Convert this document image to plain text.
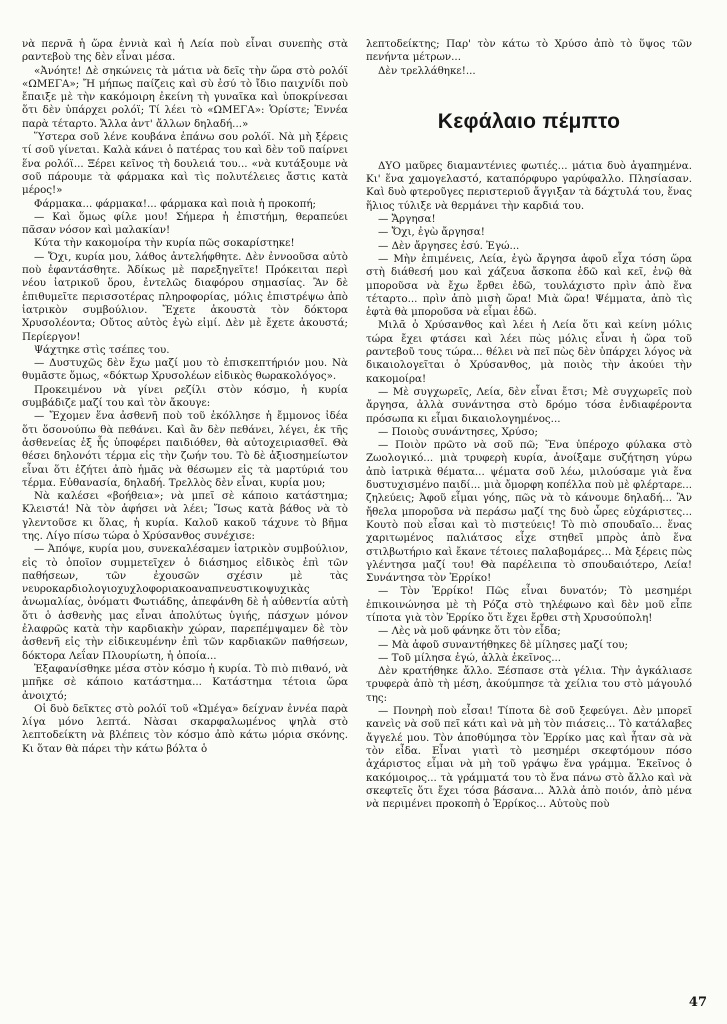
νὰ περνᾶ ἡ ὥρα ἐννιὰ καὶ ἡ Λεία ποὺ εἶναι συνεπὴς στὰ ραντεβοὺ της δὲν εἶναι μέσα.

«Ἀνόητε! Δὲ σηκώνεις τὰ μάτια νὰ δεῖς τὴν ὥρα στὸ ρολόϊ «ΩΜΕΓΑ»; Ἤ μήπως παίζεις καὶ σὺ ἐσύ τὸ ἴδιο παιχνίδι ποὺ ἔπαιξε μὲ τὴν κακόμοιρη ἐκείνη τὴ γυναῖκα καὶ ὑποκρίνεσαι ὅτι δὲν ὑπάρχει ρολόϊ; Τί λέει τὸ «ΩΜΕΓΑ»: Ὁρίστε; Ἐννέα παρὰ τέταρτο. Ἄλλα ἀντ' ἄλλων δηλαδή...»

Ὕστερα σοῦ λένε κουβάνα ἐπάνω σου ρολόϊ. Νὰ μὴ ξέρεις τί σοῦ γίνεται. Καλὰ κάνει ὁ πατέρας του καὶ δὲν τοῦ παίρνει ἕνα ρολόϊ... Ξέρει κεῖνος τὴ δουλειά του... «νὰ κυτάξουμε νὰ σοῦ πάρουμε τὰ φάρμακα καὶ τὶς πολυτέλειες ἄστις κατὰ μέρος!»

Φάρμακα... φάρμακα!... φάρμακα καὶ ποιὰ ἡ προκοπή;

— Καὶ ὅμως φίλε μου! Σήμερα ἡ ἐπιστήμη, θεραπεύει πᾶσαν νόσον καὶ μαλακίαν!

Κύτα τὴν κακομοίρα τὴν κυρία πῶς σοκαρίστηκε!

— Ὄχι, κυρία μου, λάθος ἀντελήφθητε. Δὲν ἐννοοῦσα αὐτὸ ποὺ ἐφαντάσθητε. Ἀδίκως μὲ παρεξηγεῖτε! Πρόκειται περὶ νέου ἰατρικοῦ ὅρου, ἐντελῶς διαφόρου σημασίας. Ἂν δὲ ἐπιθυμεῖτε περισσοτέρας πληροφορίας, μόλις ἐπιστρέψω ἀπὸ ἰατρικὸν συμβούλιον. Ἔχετε ἀκουστὰ τὸν δόκτορα Χρυσολέοντα; Οὔτος αὐτὸς ἐγὼ εἰμί. Δὲν μὲ ἔχετε ἀκουστά; Περίεργον!

Ψάχτηκε στὶς τσέπες του.

— Δυστυχῶς δὲν ἔχω μαζί μου τὸ ἐπισκεπτήριόν μου. Νὰ θυμᾶστε ὅμως, «δόκτωρ Χρυσολέων εἰδικὸς θωρακολόγος».

Προκειμένου νὰ γίνει ρεζίλι στὸν κόσμο, ἡ κυρία συμβάδιζε μαζί του καὶ τὸν ἄκουγε:

— Ἔχομεν ἕνα ἀσθενῆ ποὺ τοῦ ἐκόλλησε ἡ ἔμμονος ἰδέα ὅτι ὅσονούπω θὰ πεθάνει. Καὶ ἂν δὲν πεθάνει, λέγει, ἐκ τῆς ἀσθενείας ἐξ ἧς ὑποφέρει παιδιόθεν, θὰ αὐτοχειριασθεῖ. Θὰ θέσει δηλονότι τέρμα εἰς τὴν ζωήν του. Τὸ δὲ ἀξιοσημείωτον εἶναι ὅτι ἐζήτει ἀπὸ ἡμᾶς νὰ θέσωμεν εἰς τὰ μαρτύριά του τέρμα. Εὐθανασία, δηλαδή. Τρελλὸς δὲν εἶναι, κυρία μου;

Νὰ καλέσει «βοήθεια»; νὰ μπεῖ σὲ κάποιο κατάστημα; Κλειστά! Νὰ τὸν ἀφήσει νὰ λέει; Ἴσως κατὰ βάθος νὰ τὸ γλεντοῦσε κι ὅλας, ἡ κυρία. Καλοῦ κακοῦ τάχυνε τὸ βῆμα της. Λίγο πίσω τώρα ὁ Χρύσανθος συνέχισε:

— Ἀπόψε, κυρία μου, συνεκαλέσαμεν ἰατρικὸν συμβούλιον, εἰς τὸ ὁποῖον συμμετεῖχεν ὁ διάσημος εἰδικὸς ἐπὶ τῶν παθήσεων, τῶν ἐχουσῶν σχέσιν μὲ τὰς νευροκαρδιολογιοχυχλοφοριακοαναπνευστικοψυχικὰς ἀνωμαλίας, ὀνόματι Φωτιάδης, ἀπεφάνθη δὲ ἡ αὐθεντία αὐτὴ ὅτι ὁ ἀσθενὴς μας εἶναι ἀπολύτως ὑγιής, πάσχων μόνον ἐλαφρῶς κατὰ τὴν καρδιακὴν χώραν, παρεπέμψαμεν δὲ τὸν ἀσθενῆ εἰς τὴν εἰδικευμένην ἐπὶ τῶν καρδιακῶν παθήσεων, δόκτορα Λεΐαν Πλουρίωτη, ἡ ὁποία...

Ἐξαφανίσθηκε μέσα στὸν κόσμο ἡ κυρία. Τὸ πιὸ πιθανό, νὰ μπῆκε σὲ κάποιο κατάστημα... Κατάστημα τέτοια ὥρα ἀνοιχτό;

Οἱ δυὸ δεῖκτες στὸ ρολόϊ τοῦ «Ὠμέγα» δείχναν ἐννέα παρὰ λίγα μόνο λεπτά. Νὰσαι σκαρφαλωμένος ψηλὰ στὸ λεπτοδείκτη νὰ βλέπεις τὸν κόσμο ἀπὸ κάτω μόρια σκόνης. Κι ὅταν θὰ πάρει τὴν κάτω βόλτα ὁ

λεπτοδείκτης; Παρ' τὸν κάτω τὸ Χρύσο ἀπὸ τὸ ὕψος τῶν πενήντα μέτρων...

Δὲν τρελλάθηκε!...

Κεφάλαιο πέμπτο

ΔΥΟ μαῦρες διαμαντένιες φωτιές... μάτια δυὸ ἀγαπημένα. Κι' ἕνα χαμογελαστό, καταπόρφυρο γαρύφαλλο. Πλησίασαν. Καὶ δυὸ φτεροῦγες περιστεριοῦ ἄγγιξαν τὰ δάχτυλά του, ἕνας ἥλιος τύλιξε νὰ θερμάνει τὴν καρδιά του.

— Ἄργησα!

— Ὄχι, ἐγὼ ἄργησα!

— Δὲν ἄργησες ἐσύ. Ἐγώ...

— Μὴν ἐπιμένεις, Λεία, ἐγὼ ἄργησα ἀφοῦ εἶχα τόση ὥρα στὴ διάθεσή μου καὶ χάζευα ἄσκοπα ἐδῶ καὶ κεῖ, ἐνῷ θὰ μποροῦσα νὰ ἔχω ἔρθει ἐδῶ, τουλάχιστο πρὶν ἀπὸ ἕνα τέταρτο... πρὶν ἀπὸ μισὴ ὥρα! Μιὰ ὥρα! Ψέμματα, ἀπὸ τὶς ἑφτὰ θὰ μποροῦσα νὰ εἶμαι ἐδῶ.

Μιλᾶ ὁ Χρύσανθος καὶ λέει ἡ Λεία ὅτι καὶ κείνη μόλις τώρα ἔχει φτάσει καὶ λέει πὼς μόλις εἶναι ἡ ὥρα τοῦ ραντεβοῦ τους τώρα... θέλει νὰ πεῖ πὼς δὲν ὑπάρχει λόγος νὰ δικαιολογεῖται ὁ Χρύσανθος, μὰ ποιὸς τὴν ἀκούει τὴν κακομοίρα!

— Μὲ συγχωρεῖς, Λεία, δὲν εἶναι ἔτσι; Μὲ συγχωρεῖς ποὺ ἄργησα, ἀλλὰ συνάντησα στὸ δρόμο τόσα ἐνδιαφέροντα πρόσωπα κι εἶμαι δικαιολογημένος...

— Ποιοὺς συνάντησες, Χρύσο;

— Ποιὸν πρῶτο νὰ σοῦ πῶ; Ἕνα ὑπέροχο φύλακα στὸ Ζωολογικό... μιὰ τρυφερὴ κυρία, ἀνοίξαμε συζήτηση γύρω ἀπὸ ἰατρικὰ θέματα... ψέματα σοῦ λέω, μιλούσαμε γιὰ ἕνα δυστυχισμένο παιδί... μιὰ ὄμορφη κοπέλλα ποὺ μὲ φλέρταρε... ζηλεύεις; Ἀφοῦ εἶμαι γόης, πῶς νὰ τὸ κάνουμε δηλαδή... Ἂν ἤθελα μποροῦσα νὰ περάσω μαζί της δυὸ ὧρες εὐχάριστες... Κουτὸ ποὺ εἶσαι καὶ τὸ πιστεύεις! Τὸ πιὸ σπουδαῖο... ἕνας χαριτωμένος παλιάτσος εἶχε στηθεῖ μπρὸς ἀπὸ ἕνα στιλβωτήριο καὶ ἔκανε τέτοιες παλαβομάρες... Μὰ ξέρεις πὼς γλέντησα μαζί του! Θὰ παρέλειπα τὸ σπουδαιότερο, Λεία! Συνάντησα τὸν Ἐρρίκο!

— Τὸν Ἐρρίκο! Πῶς εἶναι δυνατόν; Τὸ μεσημέρι ἐπικοινώνησα μὲ τὴ Ρόζα στὸ τηλέφωνο καὶ δὲν μοῦ εἶπε τίποτα γιὰ τὸν Ἐρρίκο ὅτι ἔχει ἔρθει στὴ Χρυσούπολη!

— Λὲς νὰ μοῦ φάνηκε ὅτι τὸν εἶδα;

— Μὰ ἀφοῦ συναντήθηκες δὲ μίλησες μαζί του;

— Τοῦ μίλησα ἐγώ, ἀλλὰ ἐκεῖνος...

Δὲν κρατήθηκε ἄλλο. Ξέσπασε στὰ γέλια. Τὴν ἀγκάλιασε τρυφερὰ ἀπὸ τὴ μέση, ἀκούμπησε τὰ χείλια του στὸ μάγουλό της:

— Πονηρὴ ποὺ εἶσαι! Τίποτα δὲ σοῦ ξεφεύγει. Δὲν μπορεῖ κανεὶς νὰ σοῦ πεῖ κάτι καὶ νὰ μὴ τὸν πιάσεις... Τὸ κατάλαβες ἄγγελέ μου. Τὸν ἀποθύμησα τὸν Ἐρρίκο μας καὶ ἦταν σὰ νὰ τὸν εἶδα. Εἶναι γιατὶ τὸ μεσημέρι σκεφτόμουν πόσο ἀχάριστος εἶμαι νὰ μὴ τοῦ γράψω ἕνα γράμμα. Ἐκεῖνος ὁ κακόμοιρος... τὰ γράμματά του τὸ ἕνα πάνω στὸ ἄλλο καὶ νὰ σκεφτεῖς ὅτι ἔχει τόσα βάσανα... Ἀλλὰ ἀπὸ ποιόν, ἀπὸ μένα νὰ περιμένει προκοπὴ ὁ Ἐρρίκος... Αὐτοὺς ποὺ

47
